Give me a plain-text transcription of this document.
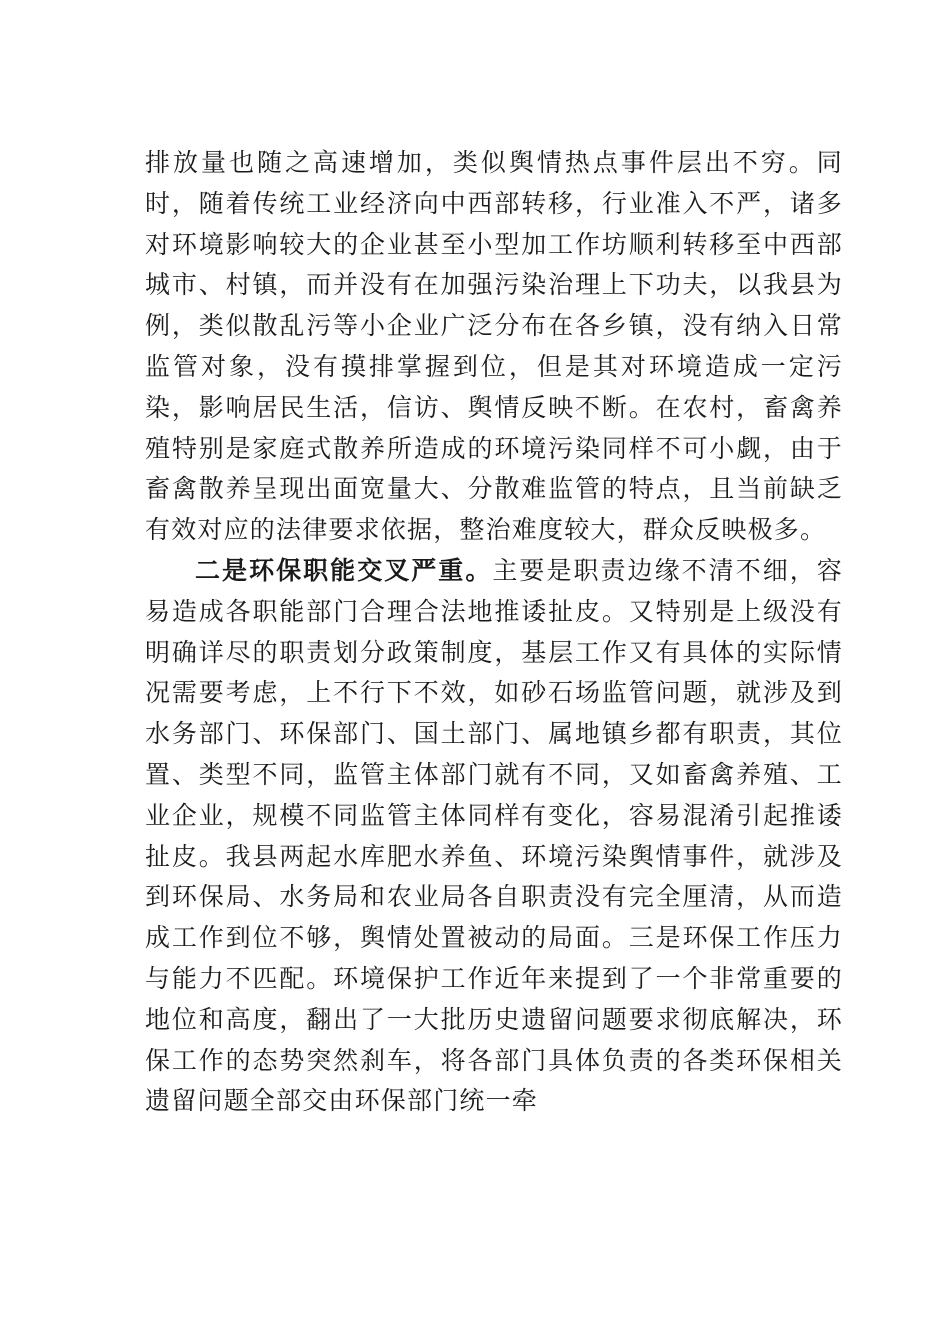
排放量也随之高速增加，类似舆情热点事件层出不穷。同时，随着传统工业经济向中西部转移，行业准入不严，诸多对环境影响较大的企业甚至小型加工作坊顺利转移至中西部城市、村镇，而并没有在加强污染治理上下功夫，以我县为例，类似散乱污等小企业广泛分布在各乡镇，没有纳入日常监管对象，没有摸排掌握到位，但是其对环境造成一定污染，影响居民生活，信访、舆情反映不断。在农村，畜禽养殖特别是家庭式散养所造成的环境污染同样不可小觑，由于畜禽散养呈现出面宽量大、分散难监管的特点，且当前缺乏有效对应的法律要求依据，整治难度较大，群众反映极多。

二是环保职能交叉严重。主要是职责边缘不清不细，容易造成各职能部门合理合法地推诿扯皮。又特别是上级没有明确详尽的职责划分政策制度，基层工作又有具体的实际情况需要考虑，上不行下不效，如砂石场监管问题，就涉及到水务部门、环保部门、国土部门、属地镇乡都有职责，其位置、类型不同，监管主体部门就有不同，又如畜禽养殖、工业企业，规模不同监管主体同样有变化，容易混淆引起推诿扯皮。我县两起水库肥水养鱼、环境污染舆情事件，就涉及到环保局、水务局和农业局各自职责没有完全厘清，从而造成工作到位不够，舆情处置被动的局面。三是环保工作压力与能力不匹配。环境保护工作近年来提到了一个非常重要的地位和高度，翻出了一大批历史遗留问题要求彻底解决，环保工作的态势突然刹车，将各部门具体负责的各类环保相关遗留问题全部交由环保部门统一牵
